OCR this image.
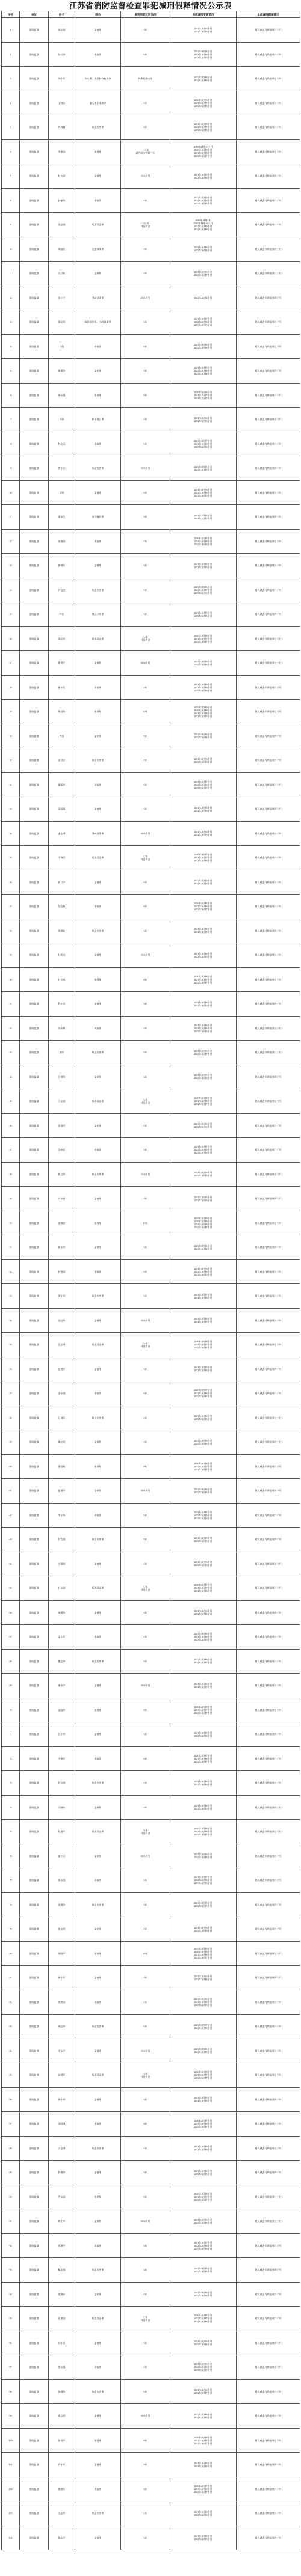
江苏省消防监督检查罪犯减刑假释情况公示表
序号	单位	姓名	罪名	原判刑期及附加刑	历次减刑变更情况	本次减刑假释建议
1	消防监狱	张志刚	盗窃罪	3年	2021年减刑6个月
2022年减刑5个月	建议减去有期徒刑六个月
2	消防监狱	陈红英	诈骗罪	5年	2021年减刑4个月
2022年减刑6个月
2023年减刑5个月	建议减去有期徒刑六个月
3	消防监狱	刘小军	失火罪、非法持有枪支罪	有期徒刑五年	2021年减刑8个月
2022年减刑6个月	建议减去有期徒刑七个月
4	消防监狱	王晓东	重大责任事故罪	4年	2020年减刑6个月
2021年减刑7个月
2022年减刑6个月	建议减去有期徒刑五个月
5	消防监狱	周海峰	故意伤害罪	6年	2021年减刑8个月
2022年减刑7个月
2023年减刑6个月	建议减去有期徒刑六个月
6	消防监狱	李建国	抢劫罪	十二年
剥夺政治权利三年	2019年减刑10个月
2020年减刑9个月
2021年减刑8个月
2022年减刑7个月	建议减去有期徒刑七个月
7	消防监狱	赵文斌	盗窃罪	3年6个月	2021年减刑5个月
2022年减刑6个月	建议减去有期徒刑四个月
8	消防监狱	孙丽华	诈骗罪	4年	2021年减刑6个月
2022年减刑6个月
2023年减刑5个月	建议减去有期徒刑六个月
9	消防监狱	吴志强	贩卖毒品罪	十五年
并处罚金	2019年减刑1年
2020年减刑10个月
2021年减刑9个月
2022年减刑8个月	建议减去有期徒刑八个月
10	消防监狱	郑国庆	交通肇事罪	3年	2021年减刑6个月
2022年减刑4个月	建议减去有期徒刑四个月
11	消防监狱	冯立新	盗窃罪	4年	2021年减刑6个月
2022年减刑7个月	建议减去有期徒刑六个月
12	消防监狱	何小平	寻衅滋事罪	2年6个月	2022年减刑4个月	建议减去有期徒刑四个月
13	消防监狱	徐志明	故意伤害罪、寻衅滋事罪	5年	2021年减刑7个月
2022年减刑6个月
2023年减刑5个月	建议减去有期徒刑五个月
14	消防监狱	马俊	诈骗罪	6年	2021年减刑6个月
2022年减刑8个月	建议减去有期徒刑七个月
15	消防监狱	朱建华	盗窃罪	3年	2021年减刑5个月
2022年减刑6个月
2023年减刑4个月	建议减去有期徒刑四个月
16	消防监狱	胡永强	抢劫罪	9年	2020年减刑8个月
2021年减刑7个月
2022年减刑7个月	建议减去有期徒刑六个月
17	消防监狱	郭伟	职务侵占罪	4年	2021年减刑6个月
2022年减刑6个月	建议减去有期徒刑五个月
18	消防监狱	林志远	诈骗罪	5年	2021年减刑7个月
2022年减刑6个月
2023年减刑6个月	建议减去有期徒刑六个月
19	消防监狱	罗小兵	故意伤害罪	3年6个月	2021年减刑5个月
2022年减刑5个月	建议减去有期徒刑四个月
20	消防监狱	高明	盗窃罪	4年	2021年减刑6个月
2022年减刑6个月
2023年减刑5个月	建议减去有期徒刑五个月
21	消防监狱	梁永生	开设赌场罪	3年	2021年减刑4个月
2022年减刑5个月	建议减去有期徒刑四个月
22	消防监狱	宋海涛	诈骗罪	7年	2020年减刑7个月
2021年减刑8个月
2022年减刑6个月	建议减去有期徒刑七个月
23	消防监狱	唐建军	盗窃罪	3年	2021年减刑6个月
2022年减刑5个月	建议减去有期徒刑五个月
24	消防监狱	许文龙	故意伤害罪	5年	2021年减刑6个月
2022年减刑7个月
2023年减刑6个月	建议减去有期徒刑六个月
25	消防监狱	韩东	聚众斗殴罪	3年	2021年减刑5个月
2022年减刑6个月	建议减去有期徒刑四个月
26	消防监狱	邓志华	贩卖毒品罪	八年
并处罚金	2020年减刑8个月
2021年减刑7个月
2022年减刑7个月	建议减去有期徒刑七个月
27	消防监狱	曹建平	盗窃罪	3年6个月	2021年减刑6个月
2022年减刑5个月	建议减去有期徒刑五个月
28	消防监狱	彭小军	诈骗罪	4年	2021年减刑6个月
2022年减刑6个月
2023年减刑6个月	建议减去有期徒刑六个月
29	消防监狱	曾国华	抢劫罪	10年	2019年减刑9个月
2020年减刑8个月
2021年减刑8个月
2022年减刑7个月	建议减去有期徒刑七个月
30	消防监狱	肖强	盗窃罪	3年	2021年减刑6个月
2022年减刑4个月	建议减去有期徒刑四个月
31	消防监狱	田卫东	故意伤害罪	4年	2021年减刑6个月
2022年减刑6个月	建议减去有期徒刑五个月
32	消防监狱	董振华	诈骗罪	5年	2021年减刑7个月
2022年减刑6个月
2023年减刑5个月	建议减去有期徒刑六个月
33	消防监狱	袁国强	盗窃罪	3年	2021年减刑5个月
2022年减刑6个月	建议减去有期徒刑四个月
34	消防监狱	潘志勇	寻衅滋事罪	3年6个月	2021年减刑6个月
2022年减刑5个月	建议减去有期徒刑五个月
35	消防监狱	于海洋	贩卖毒品罪	七年
并处罚金	2020年减刑7个月
2021年减刑7个月
2022年减刑6个月	建议减去有期徒刑六个月
36	消防监狱	蒋立平	盗窃罪	4年	2021年减刑6个月
2022年减刑6个月	建议减去有期徒刑五个月
37	消防监狱	蔡文辉	诈骗罪	6年	2020年减刑7个月
2021年减刑6个月
2022年减刑7个月	建议减去有期徒刑六个月
38	消防监狱	余建新	故意伤害罪	3年	2021年减刑5个月
2022年减刑5个月	建议减去有期徒刑四个月
39	消防监狱	杜明亮	盗窃罪	3年6个月	2021年减刑6个月
2022年减刑5个月	建议减去有期徒刑五个月
40	消防监狱	叶志成	抢劫罪	8年	2020年减刑8个月
2021年减刑7个月
2022年减刑7个月	建议减去有期徒刑七个月
41	消防监狱	程小龙	盗窃罪	3年	2021年减刑6个月
2022年减刑5个月	建议减去有期徒刑四个月
42	消防监狱	苏永红	诈骗罪	4年	2021年减刑6个月
2022年减刑6个月
2023年减刑5个月	建议减去有期徒刑五个月
43	消防监狱	魏军	故意伤害罪	5年	2021年减刑6个月
2022年减刑7个月	建议减去有期徒刑六个月
44	消防监狱	吕建华	盗窃罪	3年	2021年减刑5个月
2022年减刑6个月	建议减去有期徒刑四个月
45	消防监狱	丁志刚	贩卖毒品罪	九年
并处罚金	2020年减刑8个月
2021年减刑8个月
2022年减刑7个月	建议减去有期徒刑七个月
46	消防监狱	任国平	盗窃罪	4年	2021年减刑6个月
2022年减刑6个月	建议减去有期徒刑五个月
47	消防监狱	沈伟民	诈骗罪	5年	2021年减刑7个月
2022年减刑6个月
2023年减刑6个月	建议减去有期徒刑六个月
48	消防监狱	姚志华	故意伤害罪	3年6个月	2021年减刑6个月
2022年减刑5个月	建议减去有期徒刑五个月
49	消防监狱	卢东升	盗窃罪	3年	2021年减刑5个月
2022年减刑5个月	建议减去有期徒刑四个月
50	消防监狱	姜海波	抢劫罪	10年	2019年减刑9个月
2020年减刑8个月
2021年减刑8个月
2022年减刑7个月	建议减去有期徒刑七个月
51	消防监狱	崔永明	盗窃罪	3年	2021年减刑6个月
2022年减刑4个月	建议减去有期徒刑四个月
52	消防监狱	钟建国	诈骗罪	4年	2021年减刑6个月
2022年减刑6个月
2023年减刑5个月	建议减去有期徒刑五个月
53	消防监狱	谭小明	故意伤害罪	5年	2021年减刑7个月
2022年减刑6个月	建议减去有期徒刑六个月
54	消防监狱	陆文华	盗窃罪	3年6个月	2021年减刑6个月
2022年减刑5个月	建议减去有期徒刑五个月
55	消防监狱	汪志勇	贩卖毒品罪	八年
并处罚金	2020年减刑8个月
2021年减刑7个月
2022年减刑7个月	建议减去有期徒刑七个月
56	消防监狱	范建军	盗窃罪	3年	2021年减刑5个月
2022年减刑6个月	建议减去有期徒刑四个月
57	消防监狱	金永强	诈骗罪	6年	2020年减刑7个月
2021年减刑6个月
2022年减刑7个月	建议减去有期徒刑六个月
58	消防监狱	石海军	故意伤害罪	4年	2021年减刑6个月
2022年减刑6个月	建议减去有期徒刑五个月
59	消防监狱	廖志明	盗窃罪	3年	2021年减刑6个月
2022年减刑5个月	建议减去有期徒刑四个月
60	消防监狱	贾国栋	抢劫罪	9年	2020年减刑8个月
2021年减刑7个月
2022年减刑7个月	建议减去有期徒刑六个月
61	消防监狱	夏建平	盗窃罪	3年6个月	2021年减刑6个月
2022年减刑5个月	建议减去有期徒刑五个月
62	消防监狱	韦小华	诈骗罪	5年	2021年减刑7个月
2022年减刑6个月
2023年减刑6个月	建议减去有期徒刑六个月
63	消防监狱	付志强	故意伤害罪	3年	2021年减刑5个月
2022年减刑5个月	建议减去有期徒刑四个月
64	消防监狱	方建明	盗窃罪	4年	2021年减刑6个月
2022年减刑6个月	建议减去有期徒刑五个月
65	消防监狱	白永刚	贩卖毒品罪	七年
并处罚金	2020年减刑7个月
2021年减刑7个月
2022年减刑6个月	建议减去有期徒刑六个月
66	消防监狱	邹建华	盗窃罪	3年	2021年减刑6个月
2022年减刑4个月	建议减去有期徒刑四个月
67	消防监狱	孟小军	诈骗罪	4年	2021年减刑6个月
2022年减刑6个月
2023年减刑5个月	建议减去有期徒刑五个月
68	消防监狱	熊志华	故意伤害罪	5年	2021年减刑6个月
2022年减刑7个月	建议减去有期徒刑六个月
69	消防监狱	秦永平	盗窃罪	3年6个月	2021年减刑6个月
2022年减刑5个月	建议减去有期徒刑五个月
70	消防监狱	邱国华	抢劫罪	8年	2020年减刑8个月
2021年减刑7个月
2022年减刑7个月	建议减去有期徒刑七个月
71	消防监狱	江小明	盗窃罪	3年	2021年减刑5个月
2022年减刑6个月	建议减去有期徒刑四个月
72	消防监狱	尹建军	诈骗罪	6年	2020年减刑7个月
2021年减刑6个月
2022年减刑7个月	建议减去有期徒刑六个月
73	消防监狱	薛志强	故意伤害罪	4年	2021年减刑6个月
2022年减刑6个月	建议减去有期徒刑五个月
74	消防监狱	闫海东	盗窃罪	3年	2021年减刑6个月
2022年减刑5个月	建议减去有期徒刑四个月
75	消防监狱	段建平	贩卖毒品罪	九年
并处罚金	2020年减刑8个月
2021年减刑8个月
2022年减刑7个月	建议减去有期徒刑七个月
76	消防监狱	雷小兵	盗窃罪	3年6个月	2021年减刑6个月
2022年减刑5个月	建议减去有期徒刑五个月
77	消防监狱	侯永强	诈骗罪	5年	2021年减刑7个月
2022年减刑6个月
2023年减刑6个月	建议减去有期徒刑六个月
78	消防监狱	龙建华	故意伤害罪	3年	2021年减刑5个月
2022年减刑5个月	建议减去有期徒刑四个月
79	消防监狱	史志明	盗窃罪	4年	2021年减刑6个月
2022年减刑6个月	建议减去有期徒刑五个月
80	消防监狱	陶国平	抢劫罪	10年	2019年减刑9个月
2020年减刑8个月
2021年减刑8个月
2022年减刑7个月	建议减去有期徒刑七个月
81	消防监狱	黎小军	盗窃罪	3年	2021年减刑6个月
2022年减刑4个月	建议减去有期徒刑四个月
82	消防监狱	贺建国	诈骗罪	4年	2021年减刑6个月
2022年减刑6个月
2023年减刑5个月	建议减去有期徒刑五个月
83	消防监狱	顾志华	故意伤害罪	5年	2021年减刑7个月
2022年减刑6个月	建议减去有期徒刑六个月
84	消防监狱	毛永平	盗窃罪	3年6个月	2021年减刑6个月
2022年减刑5个月	建议减去有期徒刑五个月
85	消防监狱	郝建军	贩卖毒品罪	八年
并处罚金	2020年减刑8个月
2021年减刑7个月
2022年减刑7个月	建议减去有期徒刑七个月
86	消防监狱	龚小明	盗窃罪	3年	2021年减刑5个月
2022年减刑6个月	建议减去有期徒刑四个月
87	消防监狱	邵国强	诈骗罪	6年	2020年减刑7个月
2021年减刑6个月
2022年减刑7个月	建议减去有期徒刑六个月
88	消防监狱	万志勇	故意伤害罪	4年	2021年减刑6个月
2022年减刑6个月	建议减去有期徒刑五个月
89	消防监狱	钱建华	盗窃罪	3年	2021年减刑6个月
2022年减刑5个月	建议减去有期徒刑四个月
90	消防监狱	严永刚	抢劫罪	9年	2020年减刑8个月
2021年减刑7个月
2022年减刑7个月	建议减去有期徒刑六个月
91	消防监狱	覃小华	盗窃罪	3年6个月	2021年减刑6个月
2022年减刑5个月	建议减去有期徒刑五个月
92	消防监狱	武建平	诈骗罪	5年	2021年减刑7个月
2022年减刑6个月
2023年减刑6个月	建议减去有期徒刑六个月
93	消防监狱	戴志强	故意伤害罪	3年	2021年减刑5个月
2022年减刑5个月	建议减去有期徒刑四个月
94	消防监狱	莫海东	盗窃罪	4年	2021年减刑6个月
2022年减刑6个月	建议减去有期徒刑五个月
95	消防监狱	孔建国	贩卖毒品罪	七年
并处罚金	2020年减刑7个月
2021年减刑7个月
2022年减刑6个月	建议减去有期徒刑六个月
96	消防监狱	向小兵	盗窃罪	3年	2021年减刑6个月
2022年减刑4个月	建议减去有期徒刑四个月
97	消防监狱	常永强	诈骗罪	4年	2021年减刑6个月
2022年减刑6个月
2023年减刑5个月	建议减去有期徒刑五个月
98	消防监狱	汤建华	故意伤害罪	5年	2021年减刑6个月
2022年减刑7个月	建议减去有期徒刑六个月
99	消防监狱	康志明	盗窃罪	3年6个月	2021年减刑6个月
2022年减刑5个月	建议减去有期徒刑五个月
100	消防监狱	易国平	抢劫罪	8年	2020年减刑8个月
2021年减刑7个月
2022年减刑7个月	建议减去有期徒刑七个月
101	消防监狱	乔小军	盗窃罪	3年	2021年减刑5个月
2022年减刑6个月	建议减去有期徒刑四个月
102	消防监狱	赖建军	诈骗罪	6年	2020年减刑7个月
2021年减刑6个月
2022年减刑7个月	建议减去有期徒刑六个月
103	消防监狱	文志华	故意伤害罪	4年	2021年减刑6个月
2022年减刑6个月	建议减去有期徒刑五个月
104	消防监狱	施永平	盗窃罪	3年	2021年减刑6个月
2022年减刑5个月	建议减去有期徒刑四个月
